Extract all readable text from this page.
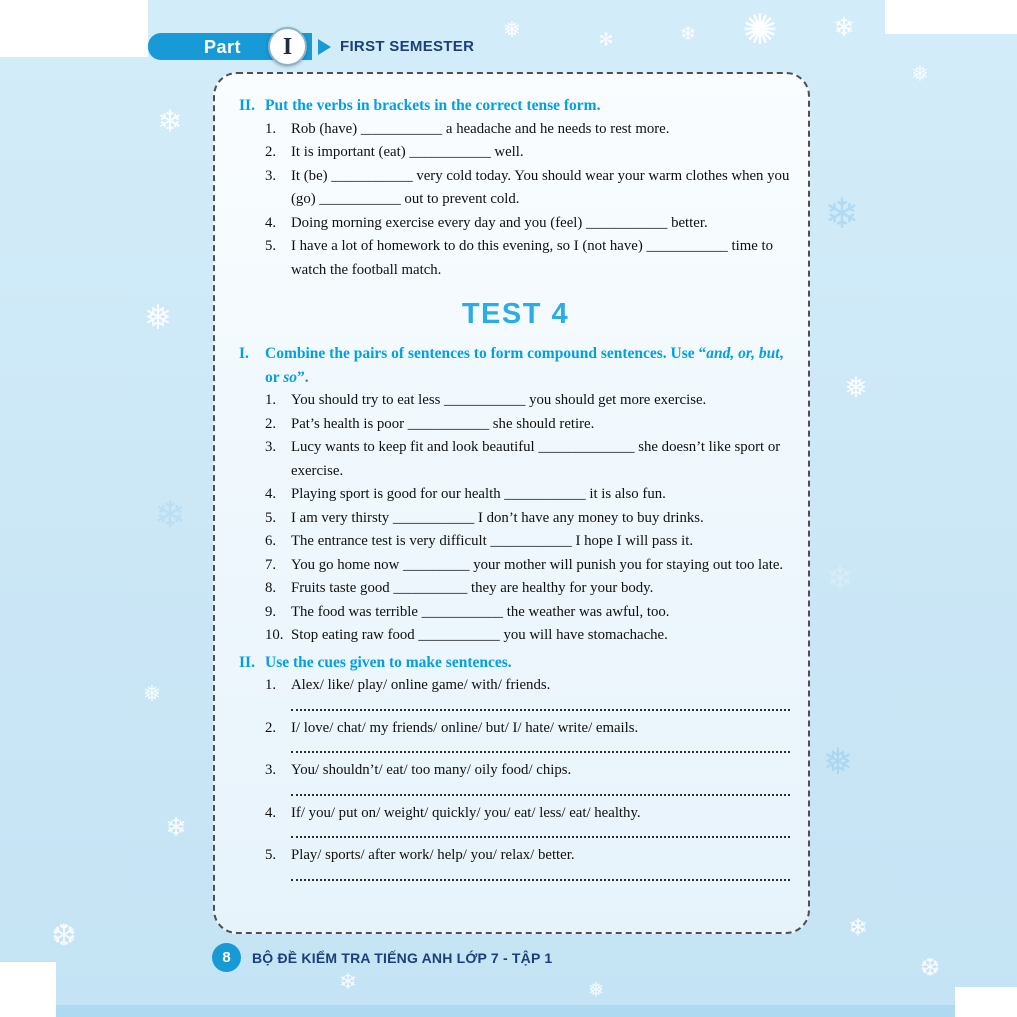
❄
❅
❄
❅
❄
❆
❄
❅
❄
❅
❄
✺
❅	✻	❄	❄
❅
❄	❅
❆
Part I	FIRST SEMESTER
II. Put the verbs in brackets in the correct tense form.
1.	Rob (have) ___________ a headache and he needs to rest more.
2.	It is important (eat) ___________ well.
3.	It (be) ___________ very cold today. You should wear your warm clothes when you (go) ___________ out to prevent cold.
4.	Doing morning exercise every day and you (feel) ___________ better.
5.	I have a lot of homework to do this evening, so I (not have) ___________ time to watch the football match.
TEST 4
I.	Combine the pairs of sentences to form compound sentences. Use “and, or, but, or so”.
1.	You should try to eat less ___________ you should get more exercise.
2.	Pat’s health is poor ___________ she should retire.
3.	Lucy wants to keep fit and look beautiful _____________ she doesn’t like sport or exercise.
4.	Playing sport is good for our health ___________ it is also fun.
5.	I am very thirsty ___________ I don’t have any money to buy drinks.
6.	The entrance test is very difficult ___________ I hope I will pass it.
7.	You go home now _________ your mother will punish you for staying out too late.
8.	Fruits taste good __________ they are healthy for your body.
9.	The food was terrible ___________ the weather was awful, too.
10. Stop eating raw food ___________ you will have stomachache.
II. Use the cues given to make sentences.
1.	Alex/ like/ play/ online game/ with/ friends.
2.	I/ love/ chat/ my friends/ online/ but/ I/ hate/ write/ emails.
3.	You/ shouldn’t/ eat/ too many/ oily food/ chips.
4.	If/ you/ put on/ weight/ quickly/ you/ eat/ less/ eat/ healthy.
5.	Play/ sports/ after work/ help/ you/ relax/ better.
8 BỘ ĐỀ KIỂM TRA TIẾNG ANH LỚP 7 - TẬP 1
